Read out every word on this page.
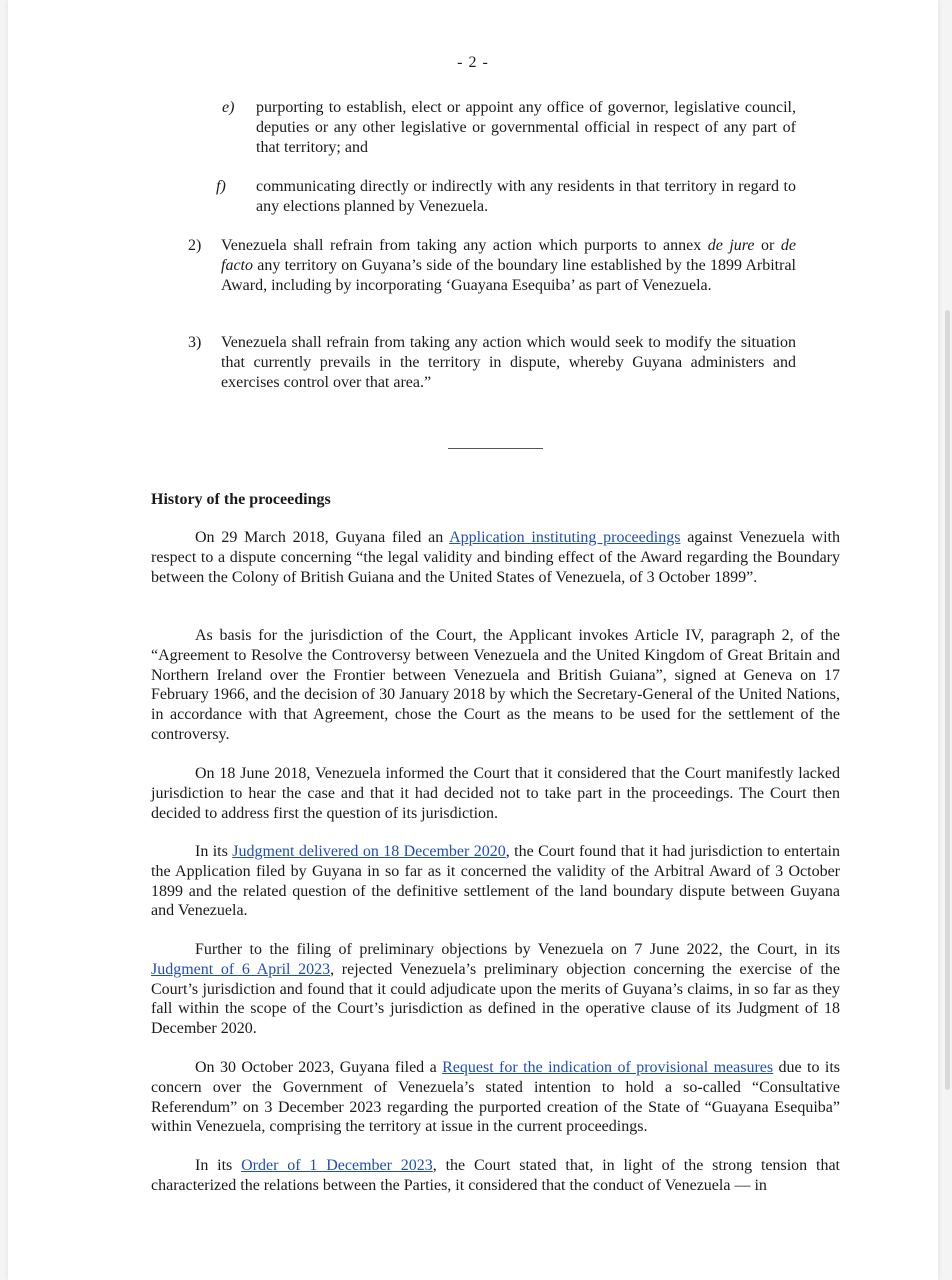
- 2 -
e) purporting to establish, elect or appoint any office of governor, legislative council, deputies or any other legislative or governmental official in respect of any part of that territory; and
f) communicating directly or indirectly with any residents in that territory in regard to any elections planned by Venezuela.
2) Venezuela shall refrain from taking any action which purports to annex de jure or de facto any territory on Guyana’s side of the boundary line established by the 1899 Arbitral Award, including by incorporating ‘Guayana Esequiba’ as part of Venezuela.
3) Venezuela shall refrain from taking any action which would seek to modify the situation that currently prevails in the territory in dispute, whereby Guyana administers and exercises control over that area.”
History of the proceedings
On 29 March 2018, Guyana filed an Application instituting proceedings against Venezuela with respect to a dispute concerning “the legal validity and binding effect of the Award regarding the Boundary between the Colony of British Guiana and the United States of Venezuela, of 3 October 1899”.
As basis for the jurisdiction of the Court, the Applicant invokes Article IV, paragraph 2, of the “Agreement to Resolve the Controversy between Venezuela and the United Kingdom of Great Britain and Northern Ireland over the Frontier between Venezuela and British Guiana”, signed at Geneva on 17 February 1966, and the decision of 30 January 2018 by which the Secretary-General of the United Nations, in accordance with that Agreement, chose the Court as the means to be used for the settlement of the controversy.
On 18 June 2018, Venezuela informed the Court that it considered that the Court manifestly lacked jurisdiction to hear the case and that it had decided not to take part in the proceedings. The Court then decided to address first the question of its jurisdiction.
In its Judgment delivered on 18 December 2020, the Court found that it had jurisdiction to entertain the Application filed by Guyana in so far as it concerned the validity of the Arbitral Award of 3 October 1899 and the related question of the definitive settlement of the land boundary dispute between Guyana and Venezuela.
Further to the filing of preliminary objections by Venezuela on 7 June 2022, the Court, in its Judgment of 6 April 2023, rejected Venezuela’s preliminary objection concerning the exercise of the Court’s jurisdiction and found that it could adjudicate upon the merits of Guyana’s claims, in so far as they fall within the scope of the Court’s jurisdiction as defined in the operative clause of its Judgment of 18 December 2020.
On 30 October 2023, Guyana filed a Request for the indication of provisional measures due to its concern over the Government of Venezuela’s stated intention to hold a so-called “Consultative Referendum” on 3 December 2023 regarding the purported creation of the State of “Guayana Esequiba” within Venezuela, comprising the territory at issue in the current proceedings.
In its Order of 1 December 2023, the Court stated that, in light of the strong tension that characterized the relations between the Parties, it considered that the conduct of Venezuela — in
